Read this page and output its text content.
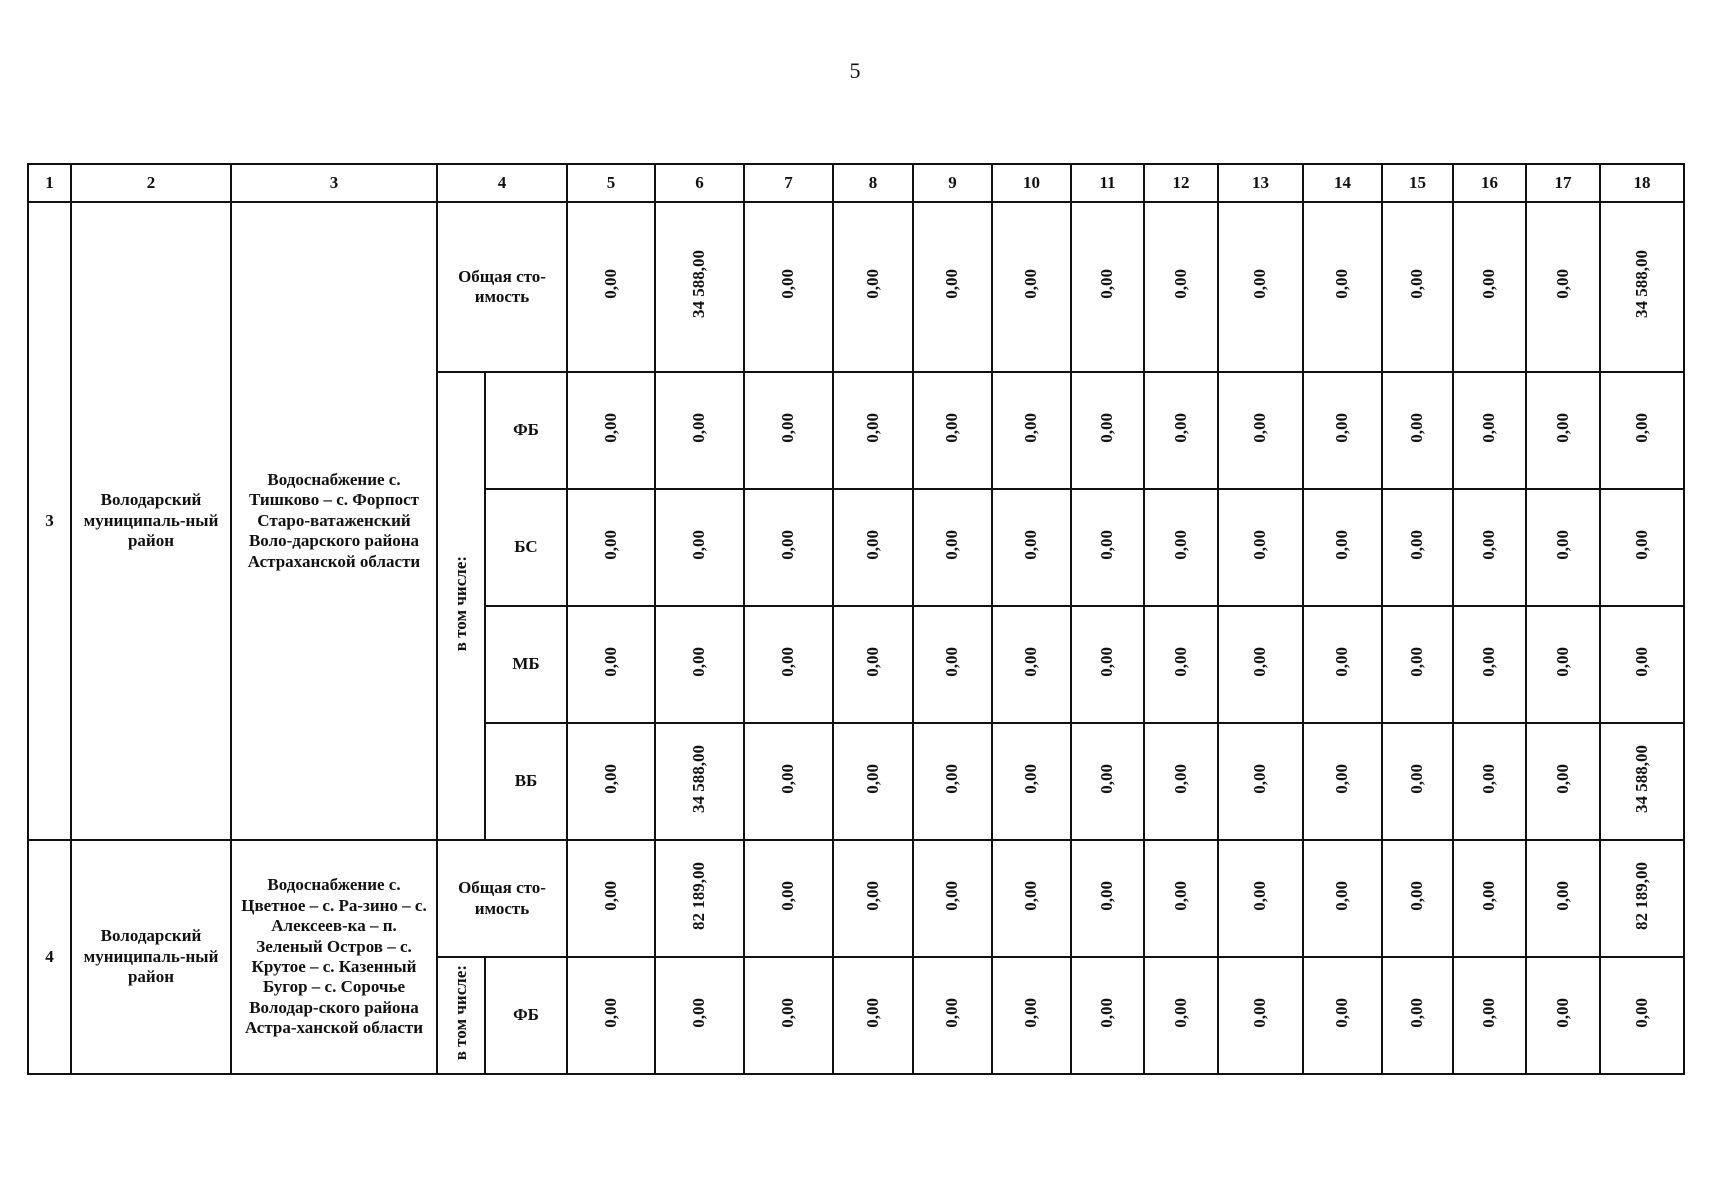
5
1	2	3	4		5	6	7	8	9	10	11	12	13	14	15	16	17	18
3	Володарский муниципаль-ный район	Водоснабжение с. Тишково – с. Форпост Старо-ватаженский Воло-дарского района Астраханской области	Общая сто-имость		0,00	34 588,00	0,00	0,00	0,00	0,00	0,00	0,00	0,00	0,00	0,00	0,00	0,00	34 588,00
			в том числе:	ФБ	0,00	0,00	0,00	0,00	0,00	0,00	0,00	0,00	0,00	0,00	0,00	0,00	0,00	0,00
				БС	0,00	0,00	0,00	0,00	0,00	0,00	0,00	0,00	0,00	0,00	0,00	0,00	0,00	0,00
				МБ	0,00	0,00	0,00	0,00	0,00	0,00	0,00	0,00	0,00	0,00	0,00	0,00	0,00	0,00
				ВБ	0,00	34 588,00	0,00	0,00	0,00	0,00	0,00	0,00	0,00	0,00	0,00	0,00	0,00	34 588,00
4	Володарский муниципаль-ный район	Водоснабжение с. Цветное – с. Ра-зино – с. Алексеев-ка – п. Зеленый Остров – с. Крутое – с. Казенный Бугор – с. Сорочье Володар-ского района Астра-ханской области	Общая сто-имость		0,00	82 189,00	0,00	0,00	0,00	0,00	0,00	0,00	0,00	0,00	0,00	0,00	0,00	82 189,00
			в том числе:	ФБ	0,00	0,00	0,00	0,00	0,00	0,00	0,00	0,00	0,00	0,00	0,00	0,00	0,00	0,00
